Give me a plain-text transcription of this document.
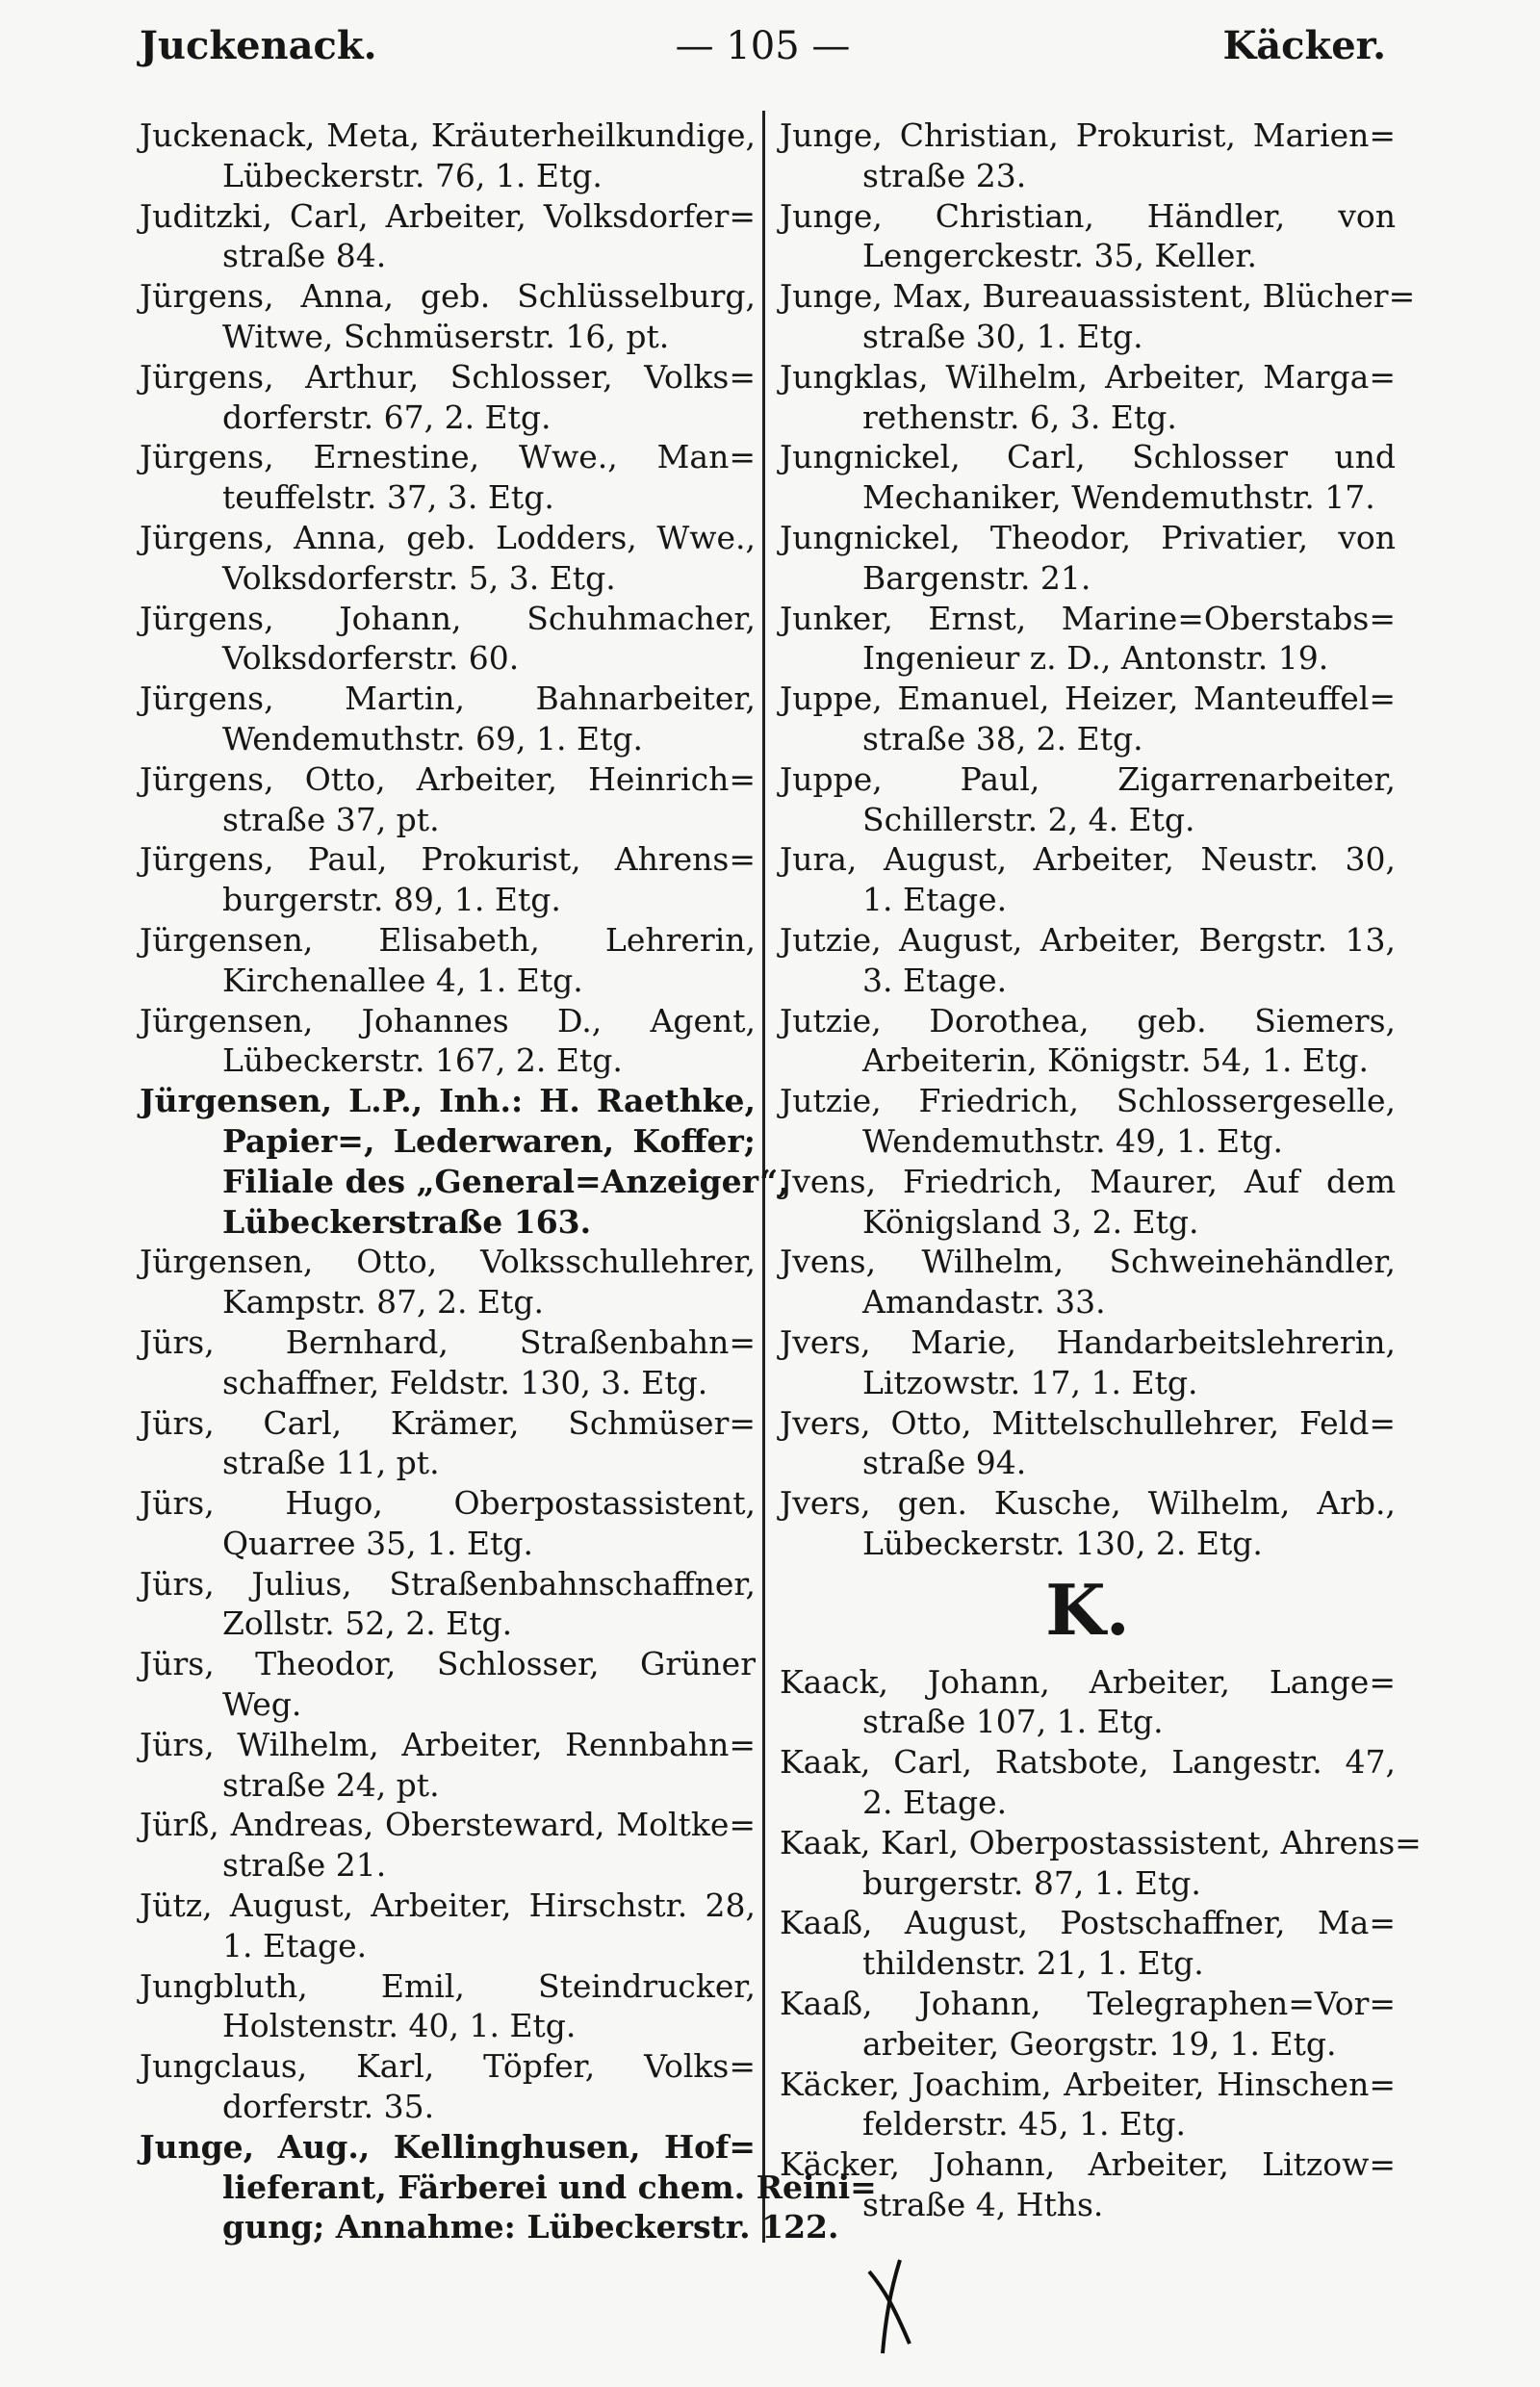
Juckenack.	— 105 —	Käcker.
Juckenack, Meta, Kräuterheilkundige,
Lübeckerstr. 76, 1. Etg.
Juditzki, Carl, Arbeiter, Volksdorfer=
straße 84.
Jürgens, Anna, geb. Schlüsselburg,
Witwe, Schmüserstr. 16, pt.
Jürgens, Arthur, Schlosser, Volks=
dorferstr. 67, 2. Etg.
Jürgens, Ernestine, Wwe., Man=
teuffelstr. 37, 3. Etg.
Jürgens, Anna, geb. Lodders, Wwe.,
Volksdorferstr. 5, 3. Etg.
Jürgens, Johann, Schuhmacher,
Volksdorferstr. 60.
Jürgens, Martin, Bahnarbeiter,
Wendemuthstr. 69, 1. Etg.
Jürgens, Otto, Arbeiter, Heinrich=
straße 37, pt.
Jürgens, Paul, Prokurist, Ahrens=
burgerstr. 89, 1. Etg.
Jürgensen, Elisabeth, Lehrerin,
Kirchenallee 4, 1. Etg.
Jürgensen, Johannes D., Agent,
Lübeckerstr. 167, 2. Etg.
Jürgensen, L.P., Inh.: H. Raethke,
Papier=, Lederwaren, Koffer;
Filiale des „General=Anzeiger“,
Lübeckerstraße 163.
Jürgensen, Otto, Volksschullehrer,
Kampstr. 87, 2. Etg.
Jürs, Bernhard, Straßenbahn=
schaffner, Feldstr. 130, 3. Etg.
Jürs, Carl, Krämer, Schmüser=
straße 11, pt.
Jürs, Hugo, Oberpostassistent,
Quarree 35, 1. Etg.
Jürs, Julius, Straßenbahnschaffner,
Zollstr. 52, 2. Etg.
Jürs, Theodor, Schlosser, Grüner
Weg.
Jürs, Wilhelm, Arbeiter, Rennbahn=
straße 24, pt.
Jürß, Andreas, Obersteward, Moltke=
straße 21.
Jütz, August, Arbeiter, Hirschstr. 28,
1. Etage.
Jungbluth, Emil, Steindrucker,
Holstenstr. 40, 1. Etg.
Jungclaus, Karl, Töpfer, Volks=
dorferstr. 35.
Junge, Aug., Kellinghusen, Hof=
lieferant, Färberei und chem. Reini=
gung; Annahme: Lübeckerstr. 122.
Junge, Christian, Prokurist, Marien=
straße 23.
Junge, Christian, Händler, von
Lengerckestr. 35, Keller.
Junge, Max, Bureauassistent, Blücher=
straße 30, 1. Etg.
Jungklas, Wilhelm, Arbeiter, Marga=
rethenstr. 6, 3. Etg.
Jungnickel, Carl, Schlosser und
Mechaniker, Wendemuthstr. 17.
Jungnickel, Theodor, Privatier, von
Bargenstr. 21.
Junker, Ernst, Marine=Oberstabs=
Ingenieur z. D., Antonstr. 19.
Juppe, Emanuel, Heizer, Manteuffel=
straße 38, 2. Etg.
Juppe, Paul, Zigarrenarbeiter,
Schillerstr. 2, 4. Etg.
Jura, August, Arbeiter, Neustr. 30,
1. Etage.
Jutzie, August, Arbeiter, Bergstr. 13,
3. Etage.
Jutzie, Dorothea, geb. Siemers,
Arbeiterin, Königstr. 54, 1. Etg.
Jutzie, Friedrich, Schlossergeselle,
Wendemuthstr. 49, 1. Etg.
Jvens, Friedrich, Maurer, Auf dem
Königsland 3, 2. Etg.
Jvens, Wilhelm, Schweinehändler,
Amandastr. 33.
Jvers, Marie, Handarbeitslehrerin,
Litzowstr. 17, 1. Etg.
Jvers, Otto, Mittelschullehrer, Feld=
straße 94.
Jvers, gen. Kusche, Wilhelm, Arb.,
Lübeckerstr. 130, 2. Etg.
K.
Kaack, Johann, Arbeiter, Lange=
straße 107, 1. Etg.
Kaak, Carl, Ratsbote, Langestr. 47,
2. Etage.
Kaak, Karl, Oberpostassistent, Ahrens=
burgerstr. 87, 1. Etg.
Kaaß, August, Postschaffner, Ma=
thildenstr. 21, 1. Etg.
Kaaß, Johann, Telegraphen=Vor=
arbeiter, Georgstr. 19, 1. Etg.
Käcker, Joachim, Arbeiter, Hinschen=
felderstr. 45, 1. Etg.
Käcker, Johann, Arbeiter, Litzow=
straße 4, Hths.
